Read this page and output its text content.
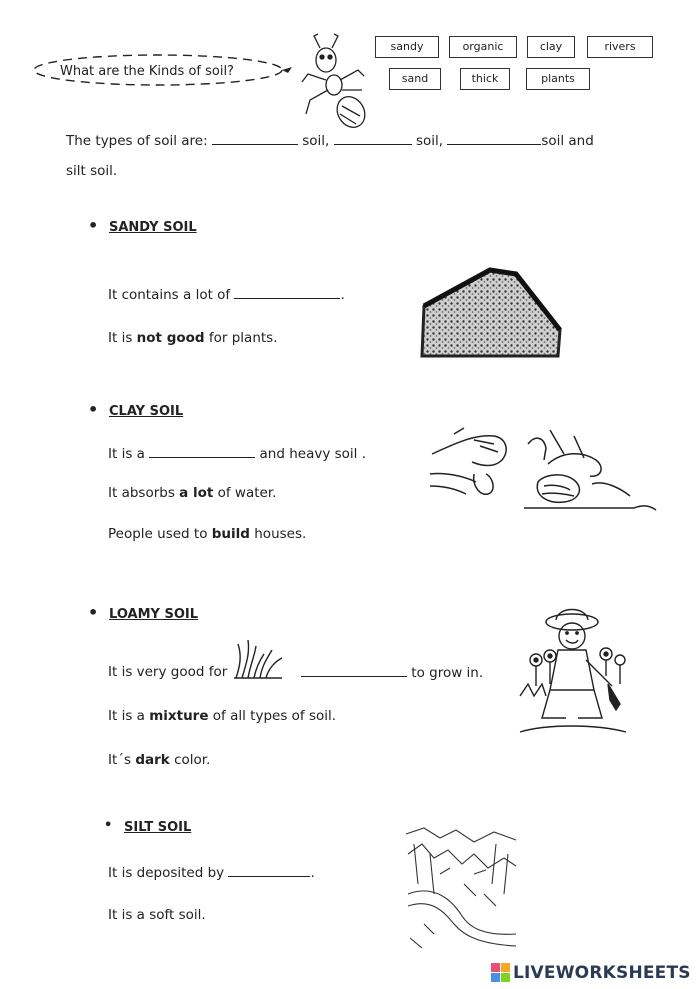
What are the Kinds of soil?
sandy	organic	clay	rivers
sand	thick	plants
The types of soil are:	soil,	soil,	soil and
silt soil.
• SANDY SOIL
It contains a lot of	.
It is not good for plants.
• CLAY SOIL
It is a	and heavy soil .
It absorbs a lot of water.
People used to build houses.
• LOAMY SOIL
It is very good for	to grow in.
It is a mixture of all types of soil.
It´s dark color.
• SILT SOIL
It is deposited by	.
It is a soft soil.
LIVEWORKSHEETS
